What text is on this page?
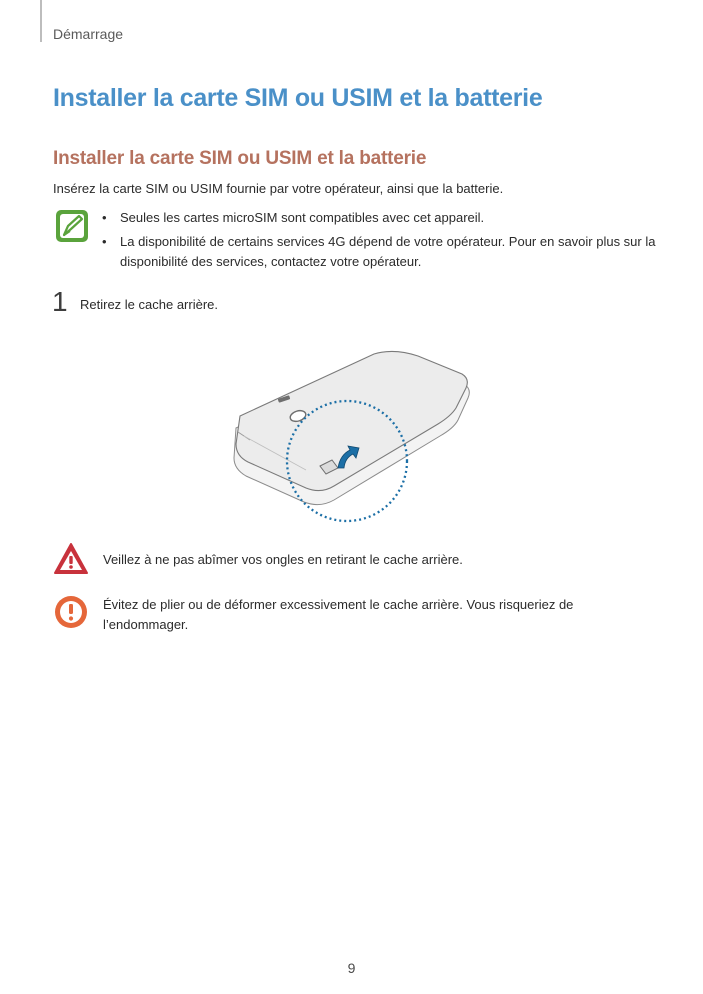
Démarrage
Installer la carte SIM ou USIM et la batterie
Installer la carte SIM ou USIM et la batterie
Insérez la carte SIM ou USIM fournie par votre opérateur, ainsi que la batterie.
• Seules les cartes microSIM sont compatibles avec cet appareil.
• La disponibilité de certains services 4G dépend de votre opérateur. Pour en savoir plus sur la disponibilité des services, contactez votre opérateur.
1 Retirez le cache arrière.
Veillez à ne pas abîmer vos ongles en retirant le cache arrière.
Évitez de plier ou de déformer excessivement le cache arrière. Vous risqueriez de l’endommager.
9
